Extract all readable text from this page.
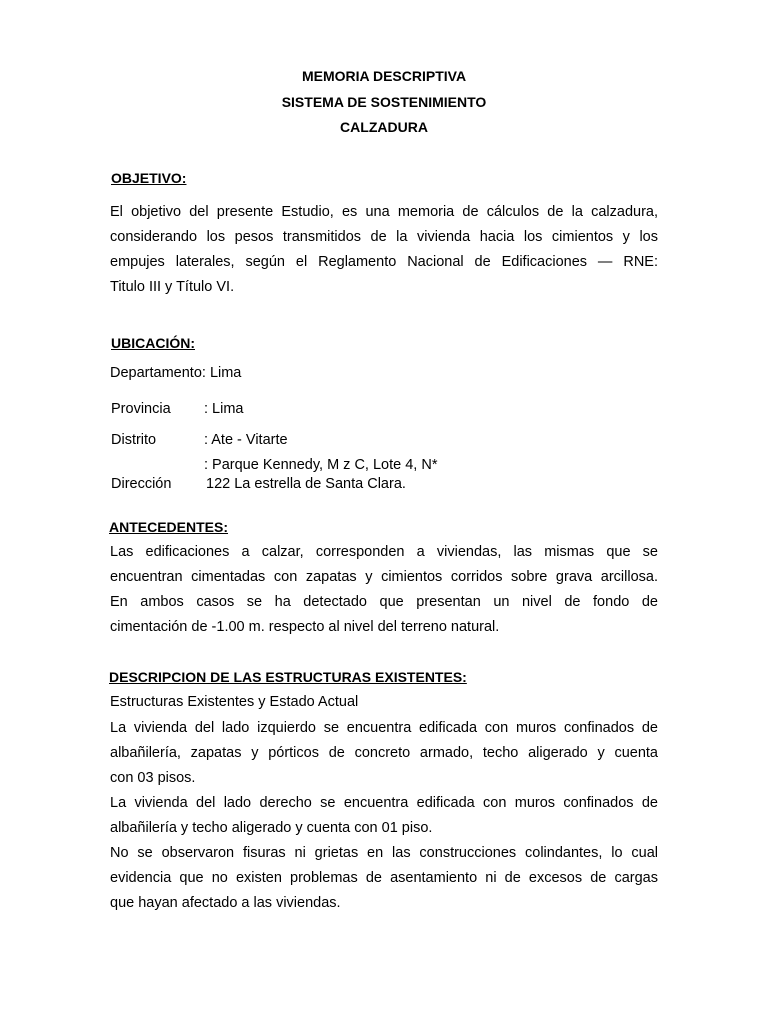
MEMORIA DESCRIPTIVA
SISTEMA DE SOSTENIMIENTO
CALZADURA
OBJETIVO:
El objetivo del presente Estudio, es una memoria de cálculos de la calzadura,
considerando los pesos transmitidos de la vivienda hacia los cimientos y los
empujes laterales, según el Reglamento Nacional de Edificaciones — RNE:
Titulo III y Título VI.
UBICACIÓN:
Departamento: Lima
Provincia : Lima
Distrito	: Ate - Vitarte
: Parque Kennedy, M z C, Lote 4, N*
Dirección 122 La estrella de Santa Clara.
ANTECEDENTES:
Las edificaciones a calzar, corresponden a viviendas, las mismas que se
encuentran cimentadas con zapatas y cimientos corridos sobre grava arcillosa.
En ambos casos se ha detectado que presentan un nivel de fondo de
cimentación de -1.00 m. respecto al nivel del terreno natural.
DESCRIPCION DE LAS ESTRUCTURAS EXISTENTES:
Estructuras Existentes y Estado Actual
La vivienda del lado izquierdo se encuentra edificada con muros confinados de
albañilería, zapatas y pórticos de concreto armado, techo aligerado y cuenta
con 03 pisos.
La vivienda del lado derecho se encuentra edificada con muros confinados de
albañilería y techo aligerado y cuenta con 01 piso.
No se observaron fisuras ni grietas en las construcciones colindantes, lo cual
evidencia que no existen problemas de asentamiento ni de excesos de cargas
que hayan afectado a las viviendas.
